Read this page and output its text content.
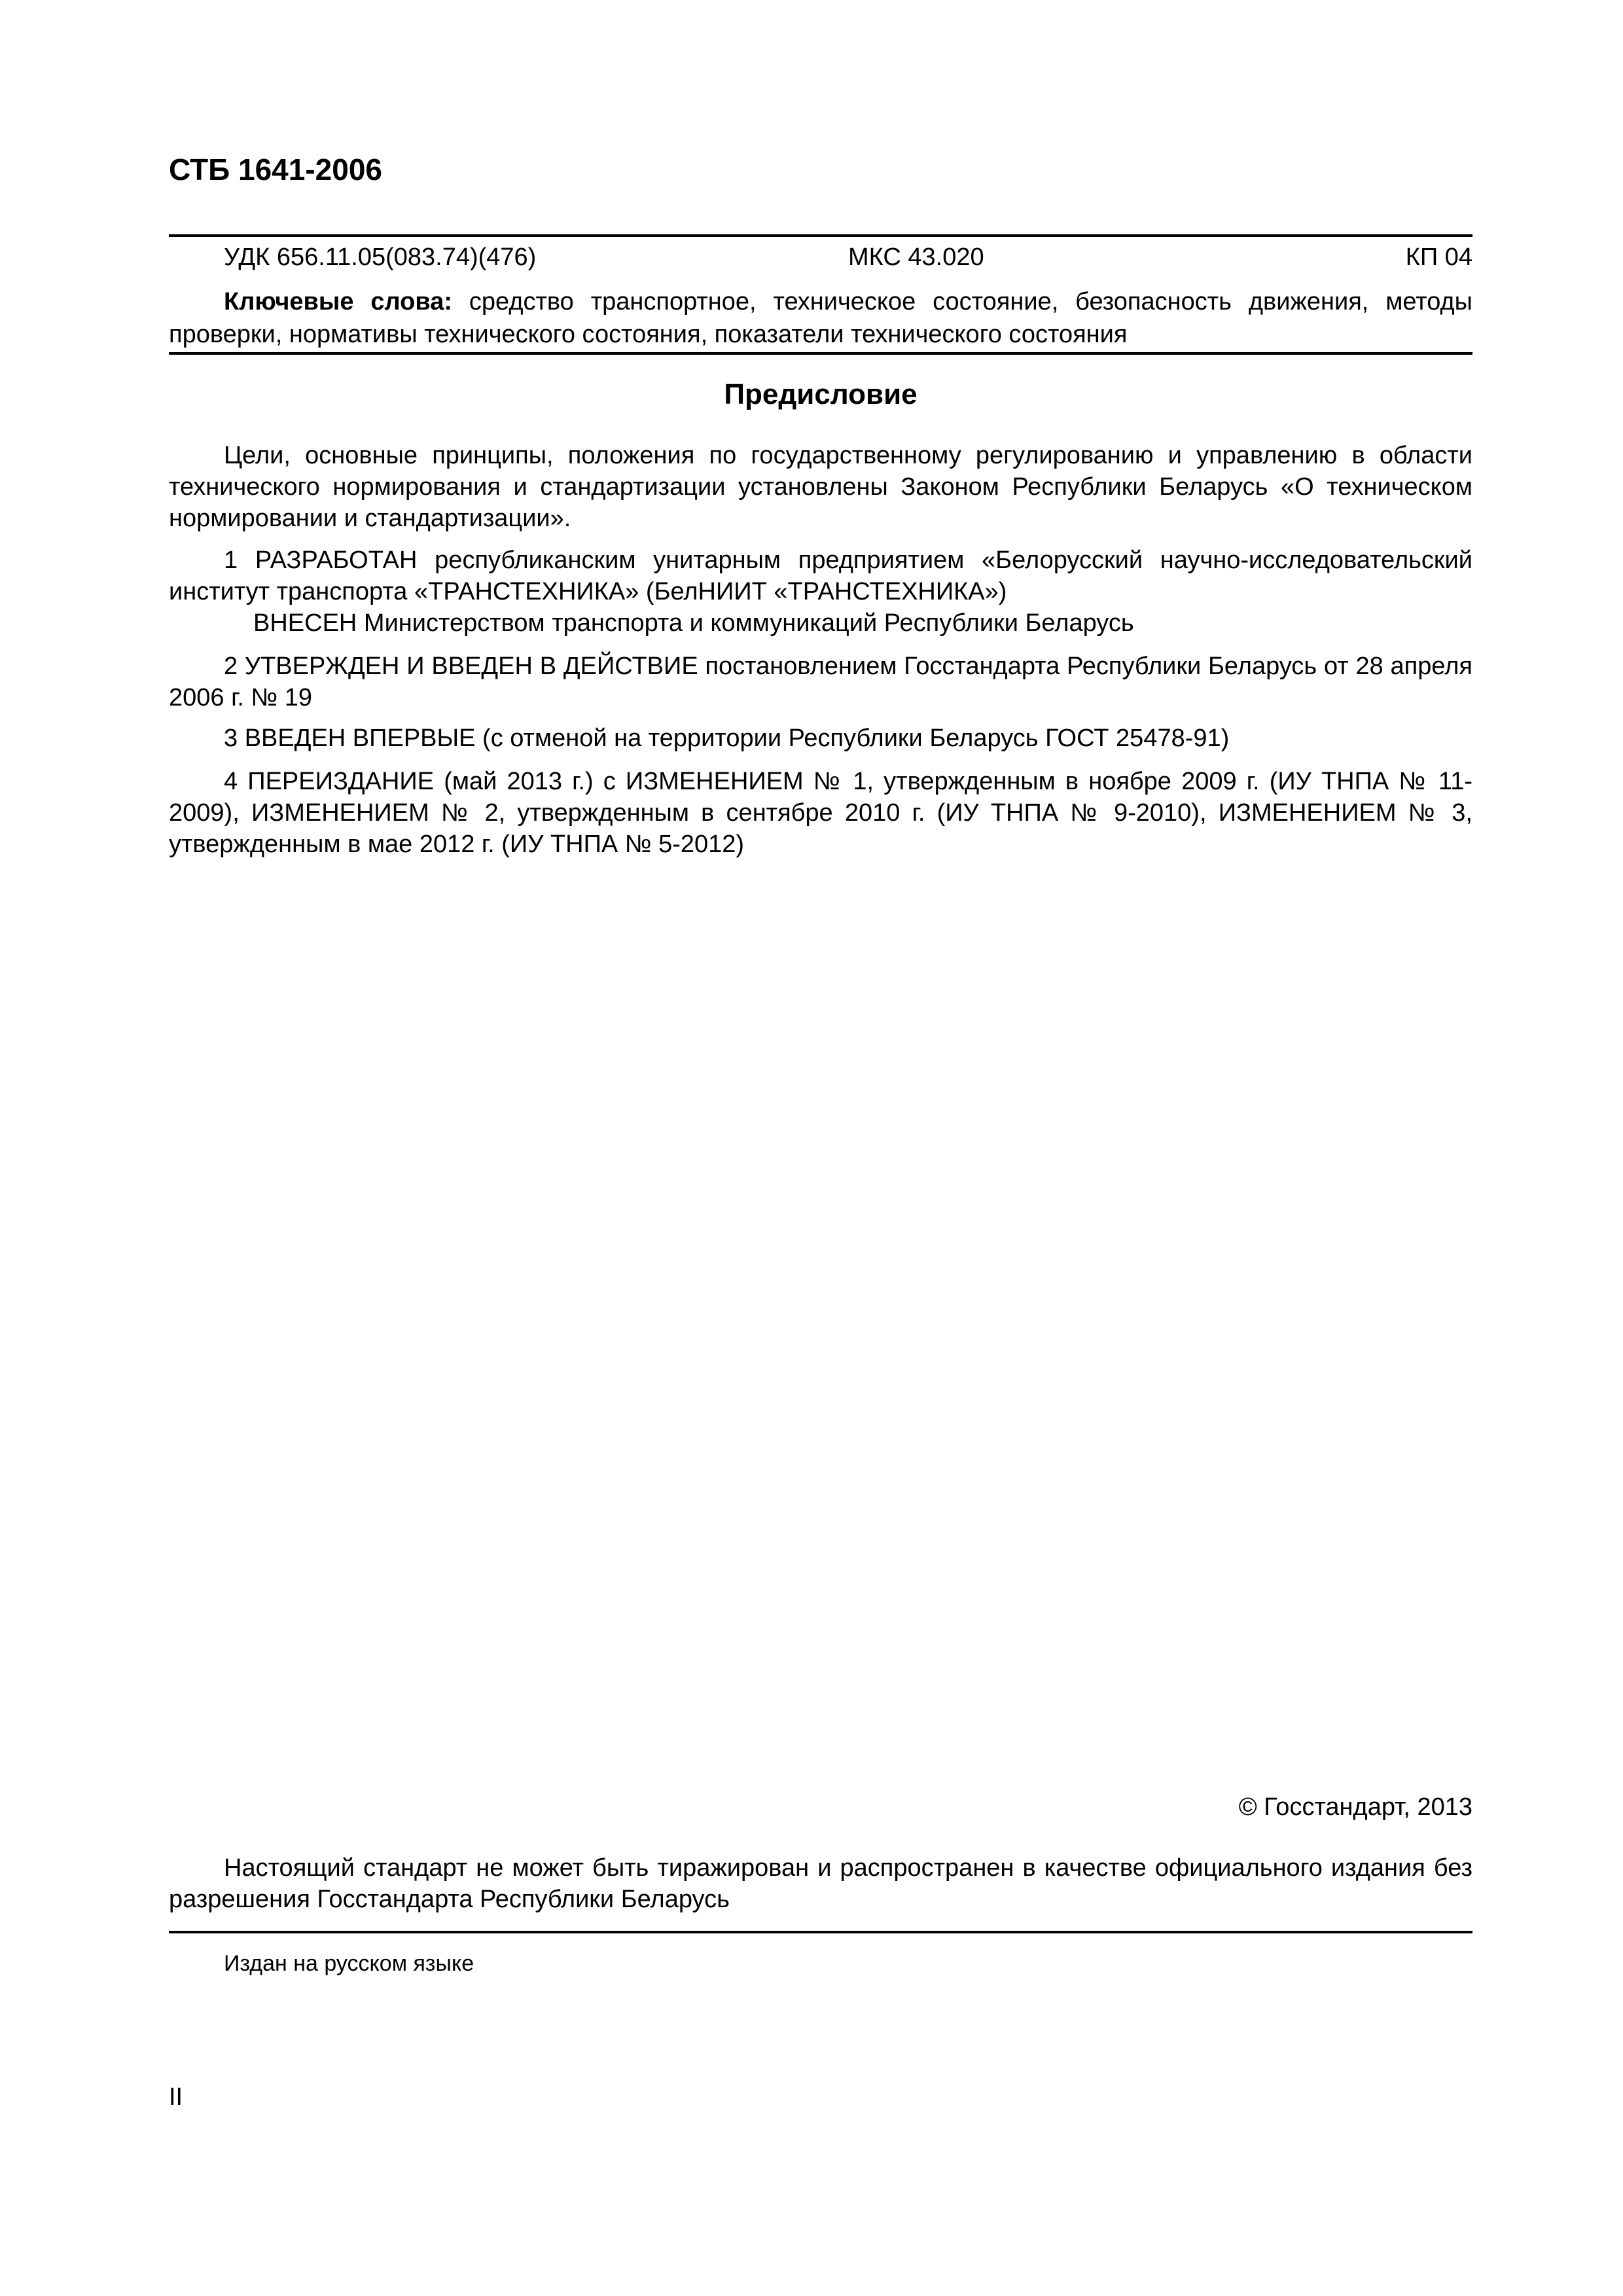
СТБ 1641-2006
УДК 656.11.05(083.74)(476)	МКС 43.020	КП 04

Ключевые слова: средство транспортное, техническое состояние, безопасность движения, методы проверки, нормативы технического состояния, показатели технического состояния

Предисловие

Цели, основные принципы, положения по государственному регулированию и управлению в области технического нормирования и стандартизации установлены Законом Республики Беларусь «О техническом нормировании и стандартизации».

1 РАЗРАБОТАН республиканским унитарным предприятием «Белорусский научно-исследовательский институт транспорта «ТРАНСТЕХНИКА» (БелНИИТ «ТРАНСТЕХНИКА»)

ВНЕСЕН Министерством транспорта и коммуникаций Республики Беларусь

2 УТВЕРЖДЕН И ВВЕДЕН В ДЕЙСТВИЕ постановлением Госстандарта Республики Беларусь от 28 апреля 2006 г. № 19

3 ВВЕДЕН ВПЕРВЫЕ (с отменой на территории Республики Беларусь ГОСТ 25478-91)

4 ПЕРЕИЗДАНИЕ (май 2013 г.) с ИЗМЕНЕНИЕМ № 1, утвержденным в ноябре 2009 г. (ИУ ТНПА № 11-2009), ИЗМЕНЕНИЕМ № 2, утвержденным в сентябре 2010 г. (ИУ ТНПА № 9-2010), ИЗМЕНЕНИЕМ № 3, утвержденным в мае 2012 г. (ИУ ТНПА № 5-2012)

© Госстандарт, 2013

Настоящий стандарт не может быть тиражирован и распространен в качестве официального издания без разрешения Госстандарта Республики Беларусь

Издан на русском языке
II
